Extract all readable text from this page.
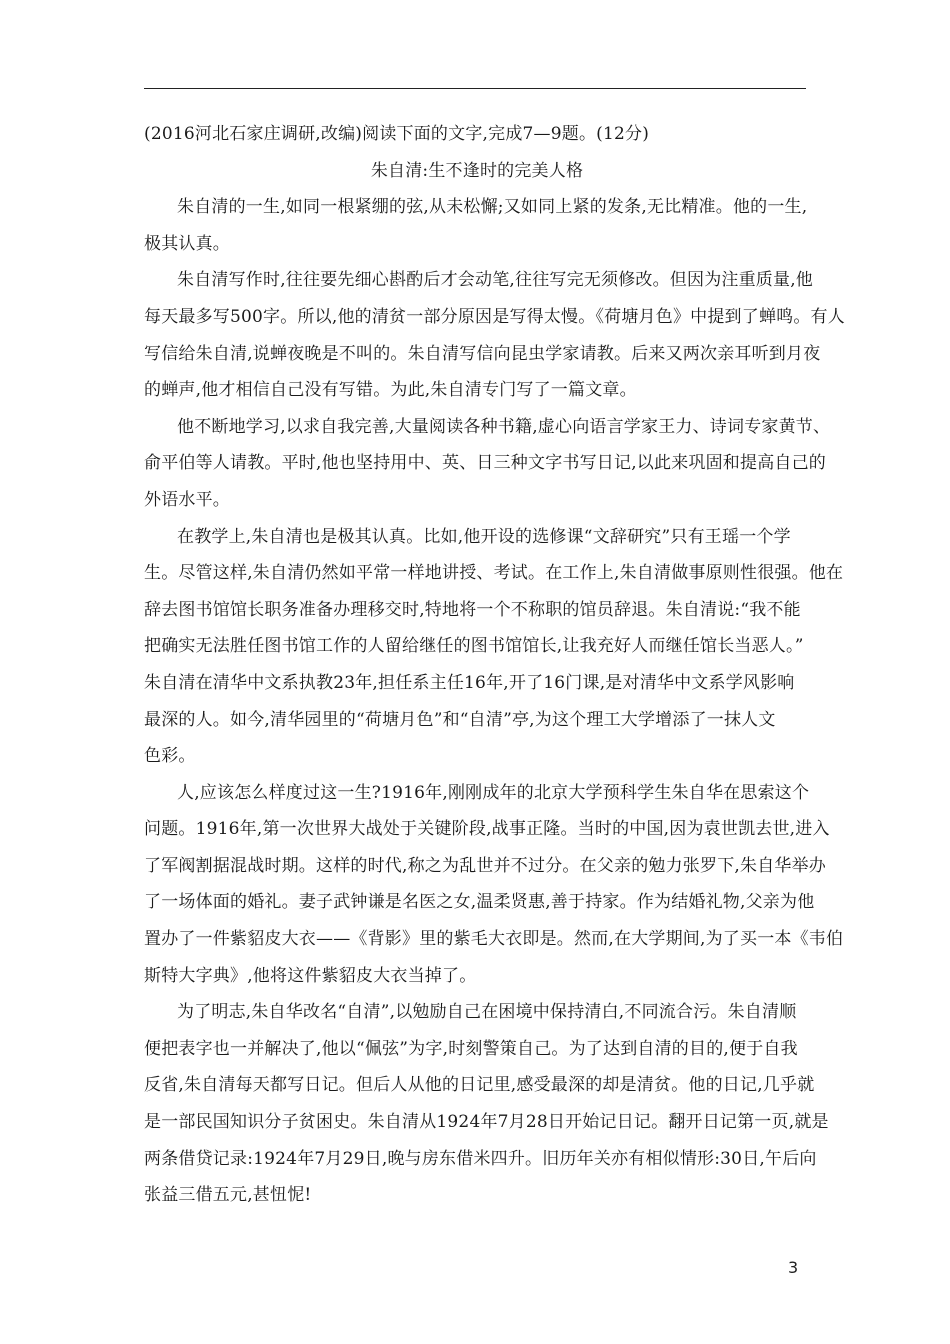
(2016河北石家庄调研,改编)阅读下面的文字,完成7—9题。(12分)
朱自清:生不逢时的完美人格
朱自清的一生,如同一根紧绷的弦,从未松懈;又如同上紧的发条,无比精准。他的一生,
极其认真。
朱自清写作时,往往要先细心斟酌后才会动笔,往往写完无须修改。但因为注重质量,他
每天最多写500字。所以,他的清贫一部分原因是写得太慢。《荷塘月色》中提到了蝉鸣。有人
写信给朱自清,说蝉夜晚是不叫的。朱自清写信向昆虫学家请教。后来又两次亲耳听到月夜
的蝉声,他才相信自己没有写错。为此,朱自清专门写了一篇文章。
他不断地学习,以求自我完善,大量阅读各种书籍,虚心向语言学家王力、诗词专家黄节、
俞平伯等人请教。平时,他也坚持用中、英、日三种文字书写日记,以此来巩固和提高自己的
外语水平。
在教学上,朱自清也是极其认真。比如,他开设的选修课“文辞研究”只有王瑶一个学
生。尽管这样,朱自清仍然如平常一样地讲授、考试。在工作上,朱自清做事原则性很强。他在
辞去图书馆馆长职务准备办理移交时,特地将一个不称职的馆员辞退。朱自清说:“我不能
把确实无法胜任图书馆工作的人留给继任的图书馆馆长,让我充好人而继任馆长当恶人。”
朱自清在清华中文系执教23年,担任系主任16年,开了16门课,是对清华中文系学风影响
最深的人。如今,清华园里的“荷塘月色”和“自清”亭,为这个理工大学增添了一抹人文
色彩。
人,应该怎么样度过这一生?1916年,刚刚成年的北京大学预科学生朱自华在思索这个
问题。1916年,第一次世界大战处于关键阶段,战事正隆。当时的中国,因为袁世凯去世,进入
了军阀割据混战时期。这样的时代,称之为乱世并不过分。在父亲的勉力张罗下,朱自华举办
了一场体面的婚礼。妻子武钟谦是名医之女,温柔贤惠,善于持家。作为结婚礼物,父亲为他
置办了一件紫貂皮大衣——《背影》里的紫毛大衣即是。然而,在大学期间,为了买一本《韦伯
斯特大字典》,他将这件紫貂皮大衣当掉了。
为了明志,朱自华改名“自清”,以勉励自己在困境中保持清白,不同流合污。朱自清顺
便把表字也一并解决了,他以“佩弦”为字,时刻警策自己。为了达到自清的目的,便于自我
反省,朱自清每天都写日记。但后人从他的日记里,感受最深的却是清贫。他的日记,几乎就
是一部民国知识分子贫困史。朱自清从1924年7月28日开始记日记。翻开日记第一页,就是
两条借贷记录:1924年7月29日,晚与房东借米四升。旧历年关亦有相似情形:30日,午后向
张益三借五元,甚忸怩!
3
